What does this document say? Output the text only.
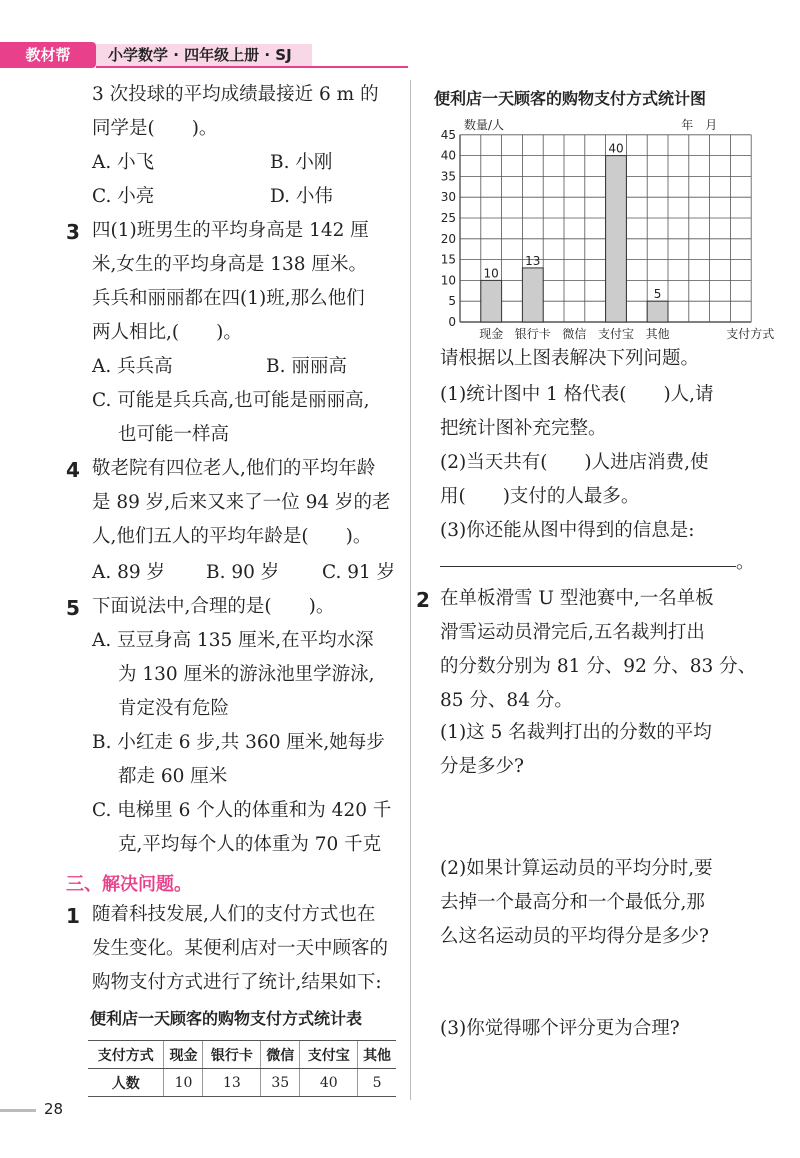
教材帮	小学数学 · 四年级上册 · SJ
3 次投球的平均成绩最接近 6 m 的
同学是(　　)。
A. 小飞	B. 小刚
C. 小亮	D. 小伟
3 四(1)班男生的平均身高是 142 厘
米,女生的平均身高是 138 厘米。
兵兵和丽丽都在四(1)班,那么他们
两人相比,(　　)。
A. 兵兵高	B. 丽丽高
C. 可能是兵兵高,也可能是丽丽高,
也可能一样高
4 敬老院有四位老人,他们的平均年龄
是 89 岁,后来又来了一位 94 岁的老
人,他们五人的平均年龄是(　　)。
A. 89 岁 B. 90 岁 C. 91 岁
5 下面说法中,合理的是(　　)。
A. 豆豆身高 135 厘米,在平均水深
为 130 厘米的游泳池里学游泳,
肯定没有危险
B. 小红走 6 步,共 360 厘米,她每步
都走 60 厘米
C. 电梯里 6 个人的体重和为 420 千
克,平均每个人的体重为 70 千克
三、解决问题。
1 随着科技发展,人们的支付方式也在
发生变化。某便利店对一天中顾客的
购物支付方式进行了统计,结果如下:
便利店一天顾客的购物支付方式统计表
支付方式	现金	银行卡	微信	支付宝	其他
人数	10	13	35	40	5
28
便利店一天顾客的购物支付方式统计图
0
5
10
15
20
25
30
35
40
45
数量/人	年　月
10
现金
13
银行卡 微信
40
支付宝
5
其他	支付方式
请根据以上图表解决下列问题。
(1)统计图中 1 格代表(　　)人,请
把统计图补充完整。
(2)当天共有(　　)人进店消费,使
用(　　)支付的人最多。
(3)你还能从图中得到的信息是:
。
2 在单板滑雪 U 型池赛中,一名单板
滑雪运动员滑完后,五名裁判打出
的分数分别为 81 分、92 分、83 分、
85 分、84 分。
(1)这 5 名裁判打出的分数的平均
分是多少?
(2)如果计算运动员的平均分时,要
去掉一个最高分和一个最低分,那
么这名运动员的平均得分是多少?
(3)你觉得哪个评分更为合理?
